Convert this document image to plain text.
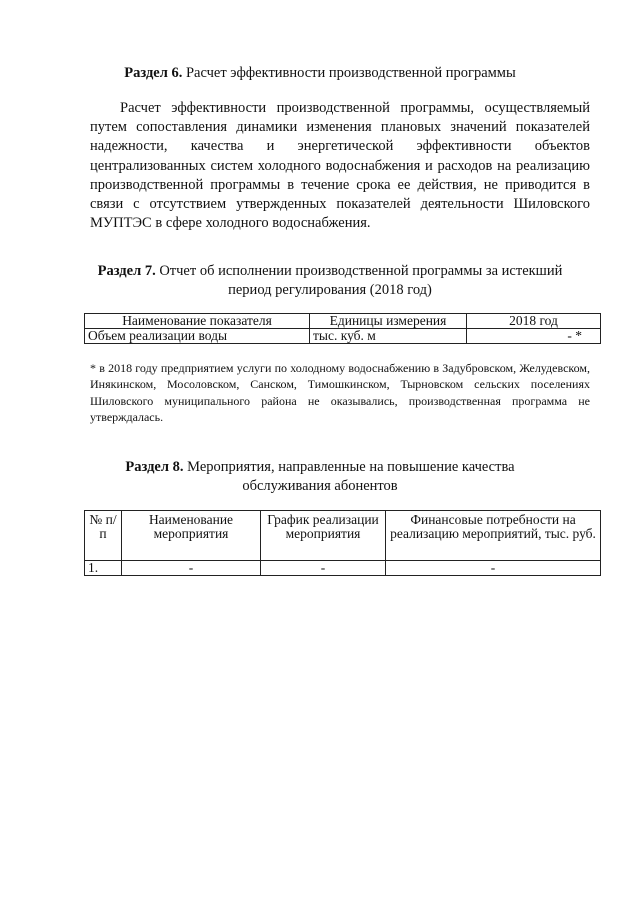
Раздел 6. Расчет эффективности производственной программы
Расчет эффективности производственной программы, осуществляемый путем сопоставления динамики изменения плановых значений показателей надежности, качества и энергетической эффективности объектов централизованных систем холодного водоснабжения и расходов на реализацию производственной программы в течение срока ее действия, не приводится в связи с отсутствием утвержденных показателей деятельности Шиловского МУПТЭС в сфере холодного водоснабжения.
Раздел 7. Отчет об исполнении производственной программы за истекший
период регулирования (2018 год)
Наименование показателя	Единицы измерения	2018 год
Объем реализации воды	тыс. куб. м	- *
* в 2018 году предприятием услуги по холодному водоснабжению в Задубровском, Желудевском, Инякинском, Мосоловском, Санском, Тимошкинском, Тырновском сельских поселениях Шиловского муниципального района не оказывались, производственная программа не утверждалась.
Раздел 8. Мероприятия, направленные на повышение качества
обслуживания абонентов
№ п/п	Наименование мероприятия	График реализации мероприятия	Финансовые потребности на реализацию мероприятий, тыс. руб.
1.	-	-	-
